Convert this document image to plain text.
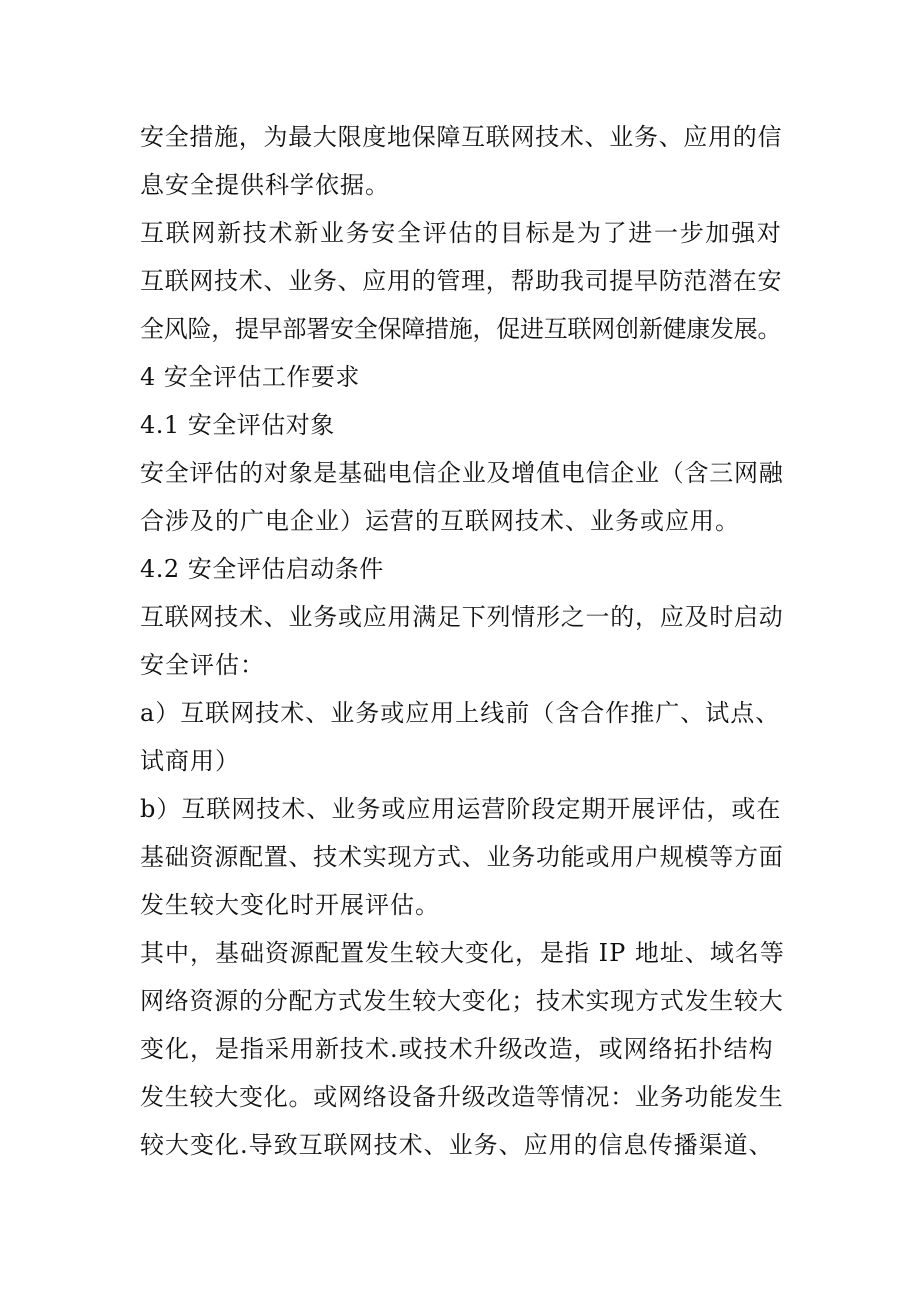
安全措施，为最大限度地保障互联网技术、业务、应用的信
息安全提供科学依据。
互联网新技术新业务安全评估的目标是为了进一步加强对
互联网技术、业务、应用的管理，帮助我司提早防范潜在安
全风险，提早部署安全保障措施，促进互联网创新健康发展。
4 安全评估工作要求
4.1 安全评估对象
安全评估的对象是基础电信企业及增值电信企业（含三网融
合涉及的广电企业）运营的互联网技术、业务或应用。
4.2 安全评估启动条件
互联网技术、业务或应用满足下列情形之一的，应及时启动
安全评估：
a）互联网技术、业务或应用上线前（含合作推广、试点、
试商用）
b）互联网技术、业务或应用运营阶段定期开展评估，或在
基础资源配置、技术实现方式、业务功能或用户规模等方面
发生较大变化时开展评估。
其中，基础资源配置发生较大变化，是指 IP 地址、域名等
网络资源的分配方式发生较大变化；技术实现方式发生较大
变化，是指采用新技术.或技术升级改造，或网络拓扑结构
发生较大变化。或网络设备升级改造等情况：业务功能发生
较大变化.导致互联网技术、业务、应用的信息传播渠道、
